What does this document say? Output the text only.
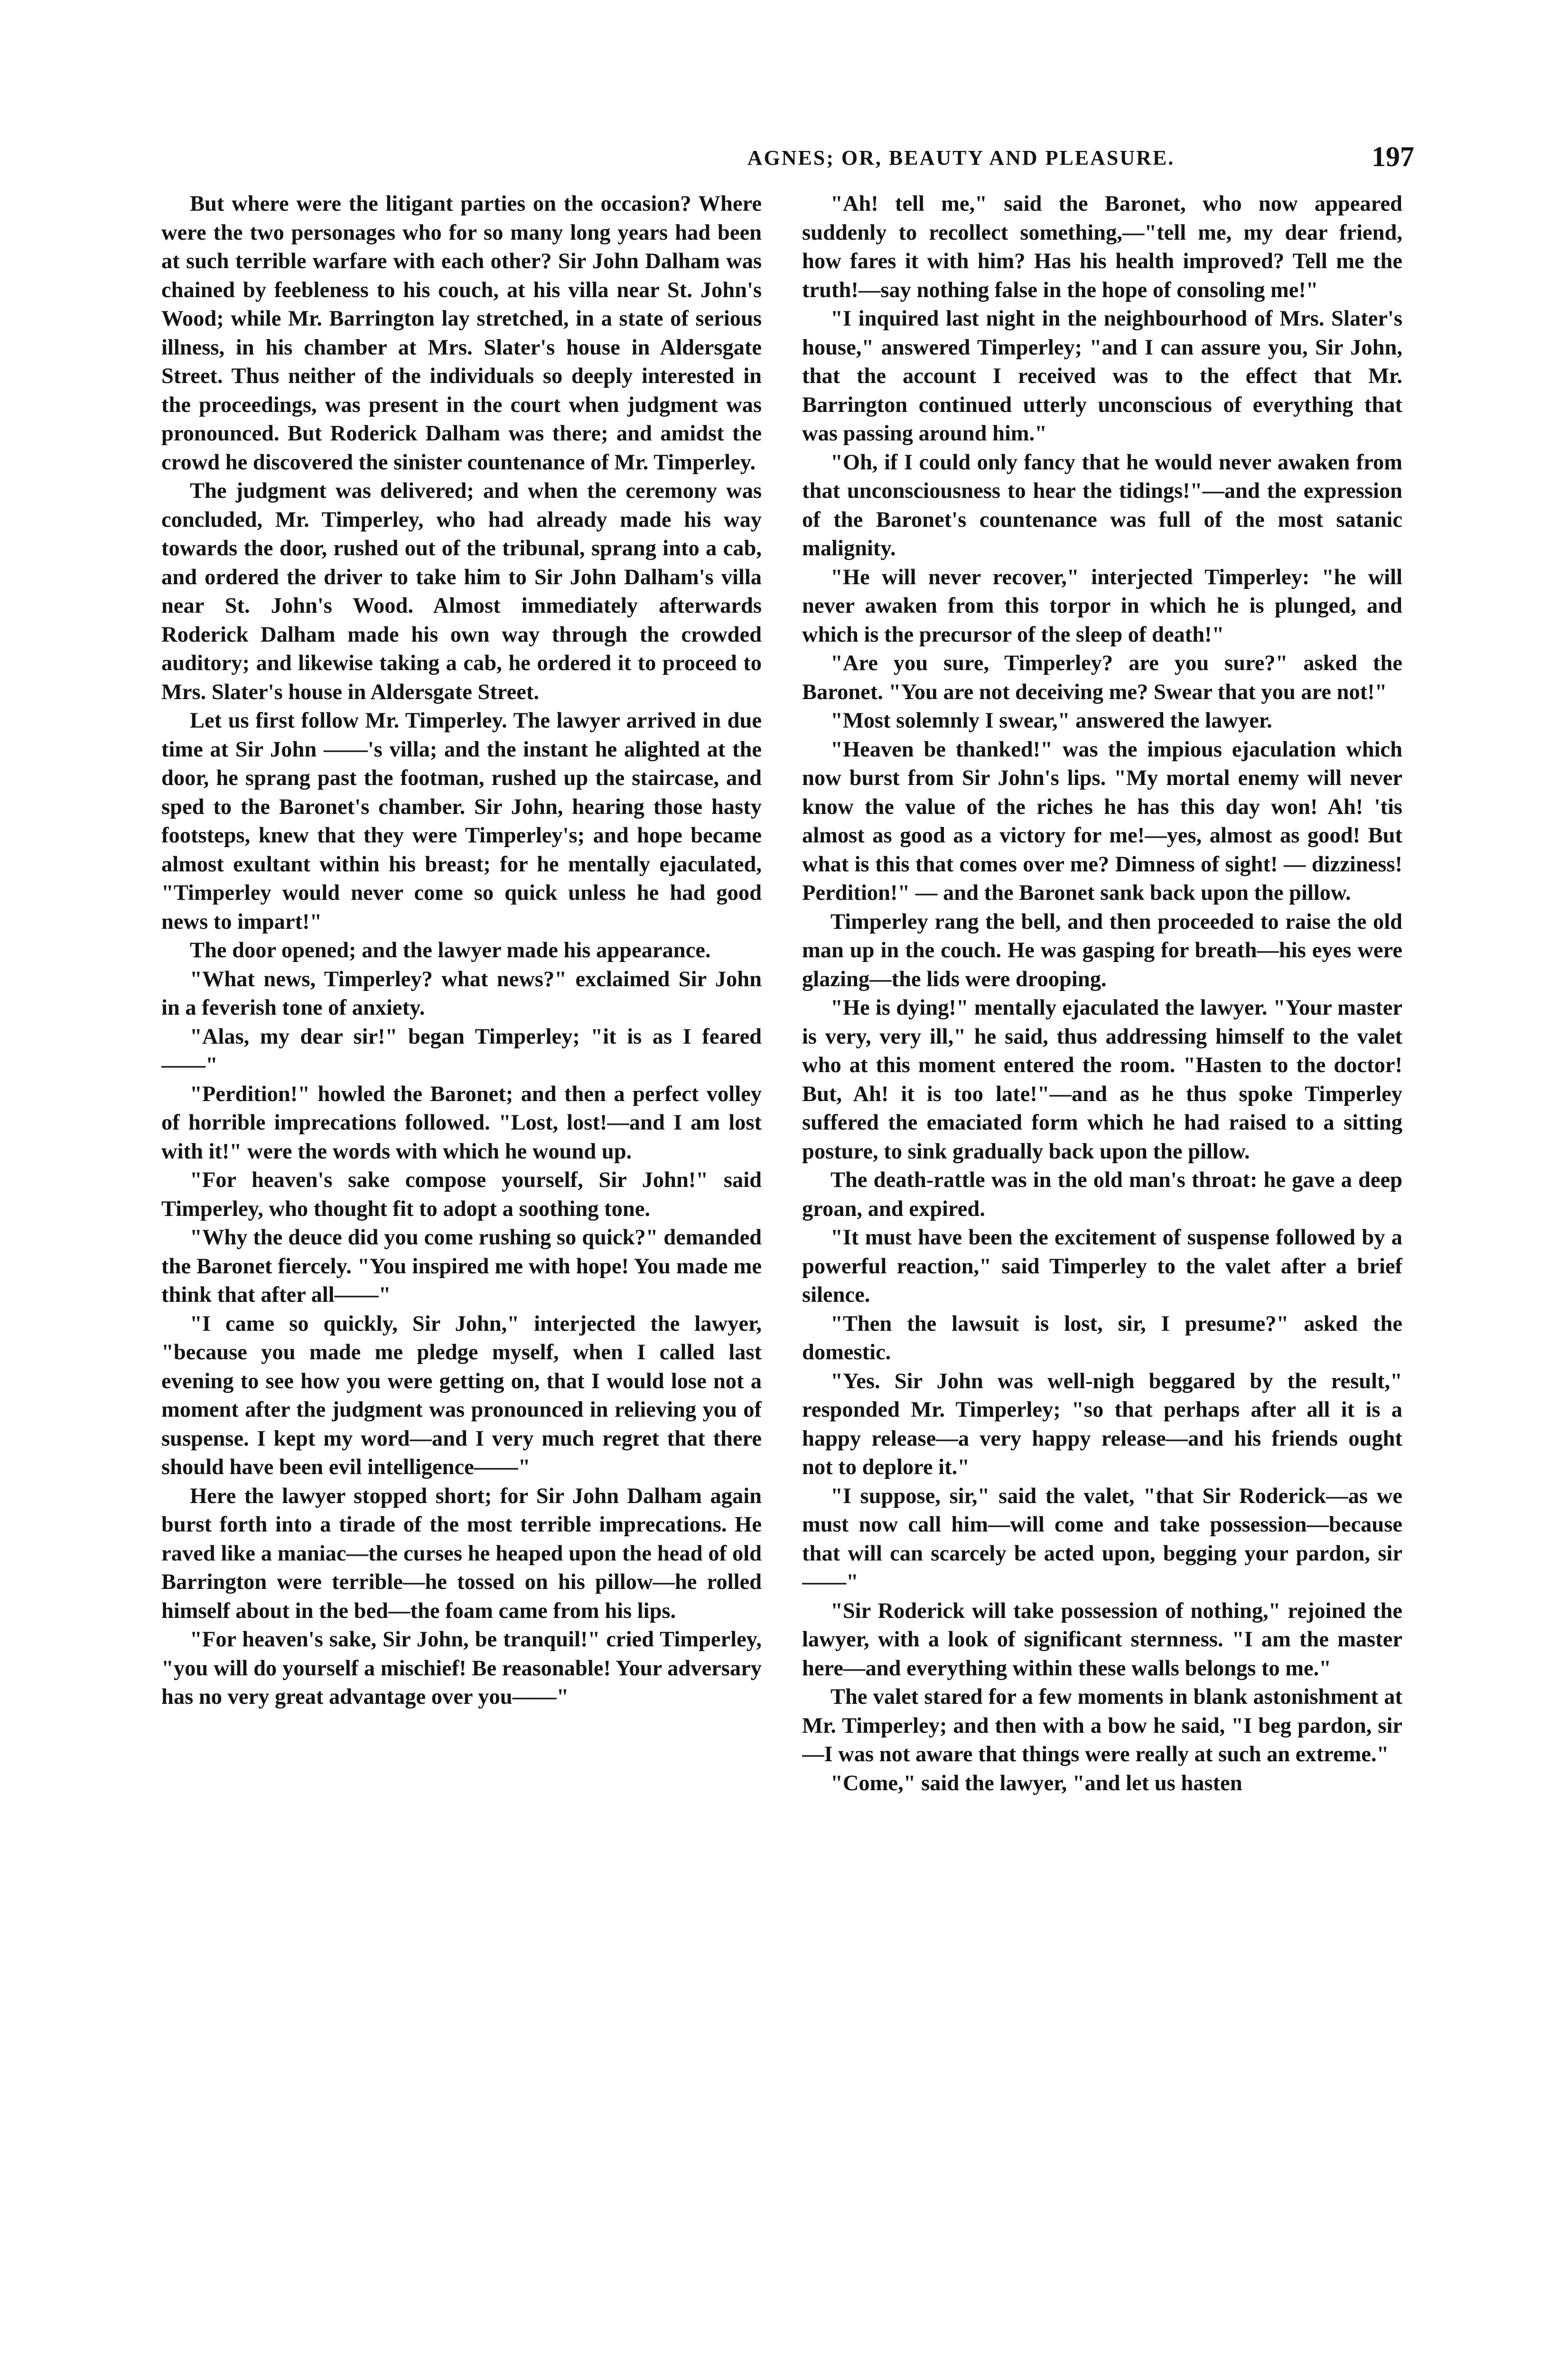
AGNES; OR, BEAUTY AND PLEASURE.	197

But where were the litigant parties on the occasion? Where were the two personages who for so many long years had been at such terrible warfare with each other? Sir John Dalham was chained by feebleness to his couch, at his villa near St. John's Wood; while Mr. Barrington lay stretched, in a state of serious illness, in his chamber at Mrs. Slater's house in Aldersgate Street. Thus neither of the individuals so deeply interested in the proceedings, was present in the court when judgment was pronounced. But Roderick Dalham was there; and amidst the crowd he discovered the sinister countenance of Mr. Timperley.

The judgment was delivered; and when the ceremony was concluded, Mr. Timperley, who had already made his way towards the door, rushed out of the tribunal, sprang into a cab, and ordered the driver to take him to Sir John Dalham's villa near St. John's Wood. Almost immediately afterwards Roderick Dalham made his own way through the crowded auditory; and likewise taking a cab, he ordered it to proceed to Mrs. Slater's house in Aldersgate Street.

Let us first follow Mr. Timperley. The lawyer arrived in due time at Sir John ——'s villa; and the instant he alighted at the door, he sprang past the footman, rushed up the staircase, and sped to the Baronet's chamber. Sir John, hearing those hasty footsteps, knew that they were Timperley's; and hope became almost exultant within his breast; for he mentally ejaculated, "Timperley would never come so quick unless he had good news to impart!"

The door opened; and the lawyer made his appearance.

"What news, Timperley? what news?" exclaimed Sir John in a feverish tone of anxiety.

"Alas, my dear sir!" began Timperley; "it is as I feared——"

"Perdition!" howled the Baronet; and then a perfect volley of horrible imprecations followed. "Lost, lost!—and I am lost with it!" were the words with which he wound up.

"For heaven's sake compose yourself, Sir John!" said Timperley, who thought fit to adopt a soothing tone.

"Why the deuce did you come rushing so quick?" demanded the Baronet fiercely. "You inspired me with hope! You made me think that after all——"

"I came so quickly, Sir John," interjected the lawyer, "because you made me pledge myself, when I called last evening to see how you were getting on, that I would lose not a moment after the judgment was pronounced in relieving you of suspense. I kept my word—and I very much regret that there should have been evil intelligence——"

Here the lawyer stopped short; for Sir John Dalham again burst forth into a tirade of the most terrible imprecations. He raved like a maniac—the curses he heaped upon the head of old Barrington were terrible—he tossed on his pillow—he rolled himself about in the bed—the foam came from his lips.

"For heaven's sake, Sir John, be tranquil!" cried Timperley, "you will do yourself a mischief! Be reasonable! Your adversary has no very great advantage over you——"

"Ah! tell me," said the Baronet, who now appeared suddenly to recollect something,—"tell me, my dear friend, how fares it with him? Has his health improved? Tell me the truth!—say nothing false in the hope of consoling me!"

"I inquired last night in the neighbourhood of Mrs. Slater's house," answered Timperley; "and I can assure you, Sir John, that the account I received was to the effect that Mr. Barrington continued utterly unconscious of everything that was passing around him."

"Oh, if I could only fancy that he would never awaken from that unconsciousness to hear the tidings!"—and the expression of the Baronet's countenance was full of the most satanic malignity.

"He will never recover," interjected Timperley: "he will never awaken from this torpor in which he is plunged, and which is the precursor of the sleep of death!"

"Are you sure, Timperley? are you sure?" asked the Baronet. "You are not deceiving me? Swear that you are not!"

"Most solemnly I swear," answered the lawyer.

"Heaven be thanked!" was the impious ejaculation which now burst from Sir John's lips. "My mortal enemy will never know the value of the riches he has this day won! Ah! 'tis almost as good as a victory for me!—yes, almost as good! But what is this that comes over me? Dimness of sight! — dizziness! Perdition!" — and the Baronet sank back upon the pillow.

Timperley rang the bell, and then proceeded to raise the old man up in the couch. He was gasping for breath—his eyes were glazing—the lids were drooping.

"He is dying!" mentally ejaculated the lawyer. "Your master is very, very ill," he said, thus addressing himself to the valet who at this moment entered the room. "Hasten to the doctor! But, Ah! it is too late!"—and as he thus spoke Timperley suffered the emaciated form which he had raised to a sitting posture, to sink gradually back upon the pillow.

The death-rattle was in the old man's throat: he gave a deep groan, and expired.

"It must have been the excitement of suspense followed by a powerful reaction," said Timperley to the valet after a brief silence.

"Then the lawsuit is lost, sir, I presume?" asked the domestic.

"Yes. Sir John was well-nigh beggared by the result," responded Mr. Timperley; "so that perhaps after all it is a happy release—a very happy release—and his friends ought not to deplore it."

"I suppose, sir," said the valet, "that Sir Roderick—as we must now call him—will come and take possession—because that will can scarcely be acted upon, begging your pardon, sir——"

"Sir Roderick will take possession of nothing," rejoined the lawyer, with a look of significant sternness. "I am the master here—and everything within these walls belongs to me."

The valet stared for a few moments in blank astonishment at Mr. Timperley; and then with a bow he said, "I beg pardon, sir—I was not aware that things were really at such an extreme."

"Come," said the lawyer, "and let us hasten
